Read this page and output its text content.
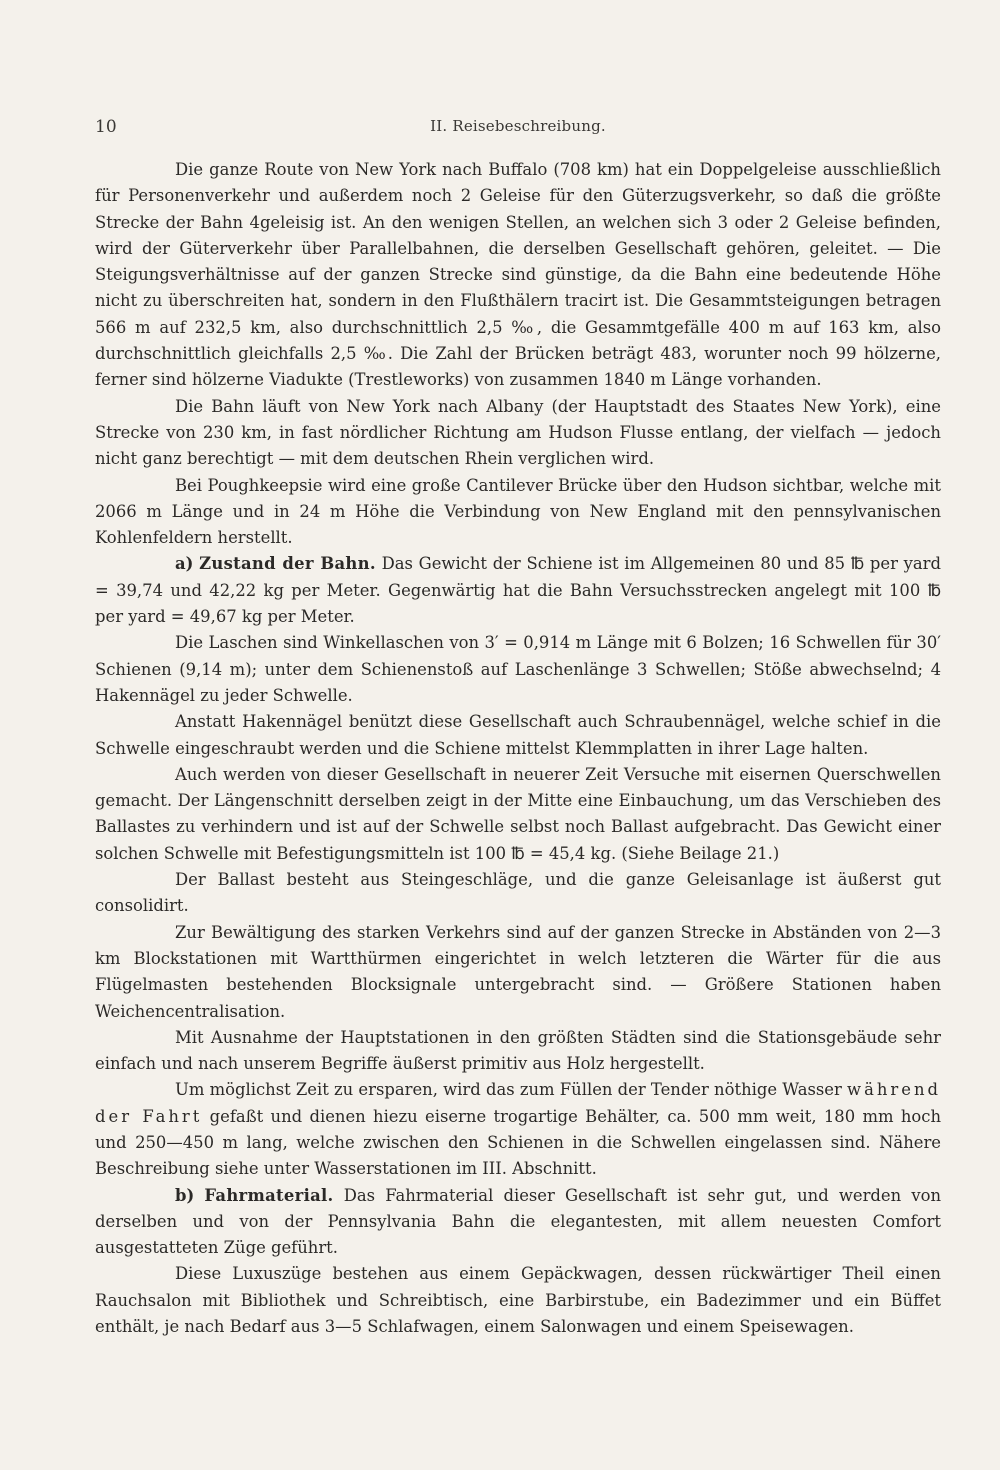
10	II. Reisebeschreibung.

Die ganze Route von New York nach Buffalo (708 km) hat ein Doppelgeleise ausschließlich für Personenverkehr und außerdem noch 2 Geleise für den Güterzugsverkehr, so daß die größte Strecke der Bahn 4geleisig ist. An den wenigen Stellen, an welchen sich 3 oder 2 Geleise befinden, wird der Güterverkehr über Parallelbahnen, die derselben Gesellschaft gehören, geleitet. — Die Steigungsverhältnisse auf der ganzen Strecke sind günstige, da die Bahn eine bedeutende Höhe nicht zu überschreiten hat, sondern in den Flußthälern tracirt ist. Die Gesammtsteigungen betragen 566 m auf 232,5 km, also durchschnittlich 2,5 ‰, die Gesammtgefälle 400 m auf 163 km, also durchschnittlich gleichfalls 2,5 ‰. Die Zahl der Brücken beträgt 483, worunter noch 99 hölzerne, ferner sind hölzerne Viadukte (Trestleworks) von zusammen 1840 m Länge vorhanden.

Die Bahn läuft von New York nach Albany (der Hauptstadt des Staates New York), eine Strecke von 230 km, in fast nördlicher Richtung am Hudson Flusse entlang, der vielfach — jedoch nicht ganz berechtigt — mit dem deutschen Rhein verglichen wird.

Bei Poughkeepsie wird eine große Cantilever Brücke über den Hudson sichtbar, welche mit 2066 m Länge und in 24 m Höhe die Verbindung von New England mit den pennsylvanischen Kohlenfeldern herstellt.

a) Zustand der Bahn. Das Gewicht der Schiene ist im Allgemeinen 80 und 85 ℔ per yard = 39,74 und 42,22 kg per Meter. Gegenwärtig hat die Bahn Versuchsstrecken angelegt mit 100 ℔ per yard = 49,67 kg per Meter.

Die Laschen sind Winkellaschen von 3′ = 0,914 m Länge mit 6 Bolzen; 16 Schwellen für 30′ Schienen (9,14 m); unter dem Schienenstoß auf Laschenlänge 3 Schwellen; Stöße abwechselnd; 4 Hakennägel zu jeder Schwelle.

Anstatt Hakennägel benützt diese Gesellschaft auch Schraubennägel, welche schief in die Schwelle eingeschraubt werden und die Schiene mittelst Klemmplatten in ihrer Lage halten.

Auch werden von dieser Gesellschaft in neuerer Zeit Versuche mit eisernen Querschwellen gemacht. Der Längenschnitt derselben zeigt in der Mitte eine Einbauchung, um das Verschieben des Ballastes zu verhindern und ist auf der Schwelle selbst noch Ballast aufgebracht. Das Gewicht einer solchen Schwelle mit Befestigungsmitteln ist 100 ℔ = 45,4 kg. (Siehe Beilage 21.)

Der Ballast besteht aus Steingeschläge, und die ganze Geleisanlage ist äußerst gut consolidirt.

Zur Bewältigung des starken Verkehrs sind auf der ganzen Strecke in Abständen von 2—3 km Blockstationen mit Wartthürmen eingerichtet in welch letzteren die Wärter für die aus Flügelmasten bestehenden Blocksignale untergebracht sind. — Größere Stationen haben Weichencentralisation.

Mit Ausnahme der Hauptstationen in den größten Städten sind die Stationsgebäude sehr einfach und nach unserem Begriffe äußerst primitiv aus Holz hergestellt.

Um möglichst Zeit zu ersparen, wird das zum Füllen der Tender nöthige Wasser während der Fahrt gefaßt und dienen hiezu eiserne trogartige Behälter, ca. 500 mm weit, 180 mm hoch und 250—450 m lang, welche zwischen den Schienen in die Schwellen eingelassen sind. Nähere Beschreibung siehe unter Wasserstationen im III. Abschnitt.

b) Fahrmaterial. Das Fahrmaterial dieser Gesellschaft ist sehr gut, und werden von derselben und von der Pennsylvania Bahn die elegantesten, mit allem neuesten Comfort ausgestatteten Züge geführt.

Diese Luxuszüge bestehen aus einem Gepäckwagen, dessen rückwärtiger Theil einen Rauchsalon mit Bibliothek und Schreibtisch, eine Barbirstube, ein Badezimmer und ein Büffet enthält, je nach Bedarf aus 3—5 Schlafwagen, einem Salonwagen und einem Speisewagen.
